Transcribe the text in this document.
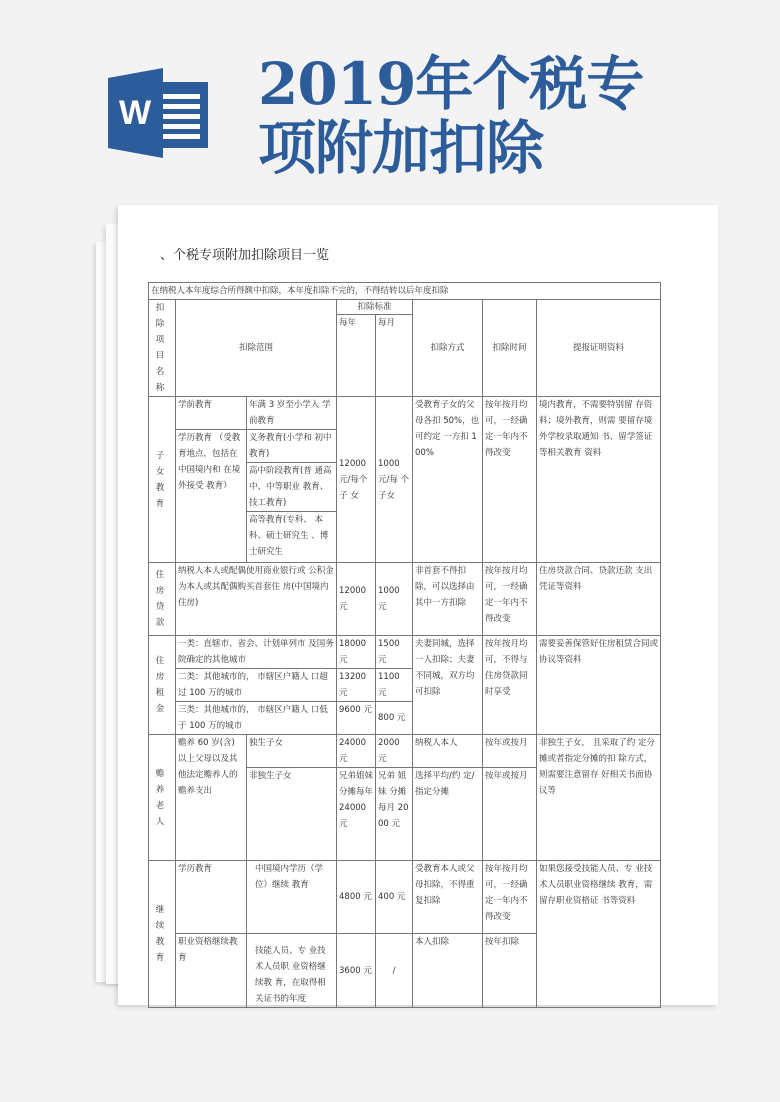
W 2019年个税专
项附加扣除
、个税专项附加扣除项目一览
在纳税人本年度综合所得额中扣除，本年度扣除不完的，不得结转以后年度扣除							
扣除项目名称	扣除范围		扣除标准		扣除方式	扣除时间	提报证明资料
			每年	每月			
子女教育	学前教育	年满 3 岁至小学入 学前教育	12000 元/每个子 女	1000 元/每 个子女	受教育子女的父母各扣 50%，也可约定 一方扣 100%	按年按月均可，一经确定一年内不得改变	境内教育，不需要特别留 存资料；境外教育，则需 要留存境外学校录取通知 书、留学签证等相关教育 资料
	学历教育 （受教育地点，包括在 中国境内和 在境外接受 教育）	义务教育(小学和 初中教育)					
		高中阶段教育(普 通高中、中等职业 教育、技工教育)					
		高等教育(专科、 本科、硕士研究生 、博士研究生					
住房贷款	纳税人本人或配偶使用商业银行或 公积金为本人或其配偶购买首套住 房(中国境内住房)		12000 元	1000 元	非首套不得扣除，可以选择由其中一方扣除	按年按月均可，一经确定一年内不得改变	住房贷款合同、贷款还款 支出凭证等资料
住房租金	一类：直辖市、省会、计划单列市 及国务院确定的其他城市		18000 元	1500 元	夫妻同城，选择一人扣除；夫妻不同城，双方均可扣除	按年按月均可，不得与住房贷款同时享受	需要妥善保管好住房租赁合同或协议等资料
	二类：其他城市的， 市辖区户籍人 口超过 100 万的城市		13200 元	1100 元			
	三类：其他城市的， 市辖区户籍人 口低于 100 万的城市		9600 元	800 元			
赡养老人	赡养 60 岁(含) 以上父母以及其 他法定赡养人的 赡养支出	独生子女	24000 元	2000 元	纳税人本人	按年或按月	非独生子女， 且采取了约 定分摊或者指定分摊的扣 除方式，则需要注意留存 好相关书面协议等
		非独生子女	兄弟姐妹分摊每年 24000 元	兄弟 姐妹 分摊每月 2000 元	选择平均/约 定/指定分摊	按年或按月	
继续教育	学历教育	中国境内学历（学位）继续 教育	4800 元	400 元	受教育本人或父母扣除，不得重复扣除	按年按月均可，一经确定一年内不得改变	如果您接受技能人员、专 业技术人员职业资格继续 教育，需留存职业资格证 书等资料
	职业资格继续教 育	技能人员、专 业技术人员职 业资格继续教 育，在取得相 关证书的年度	3600 元	/	本人扣除	按年扣除	
